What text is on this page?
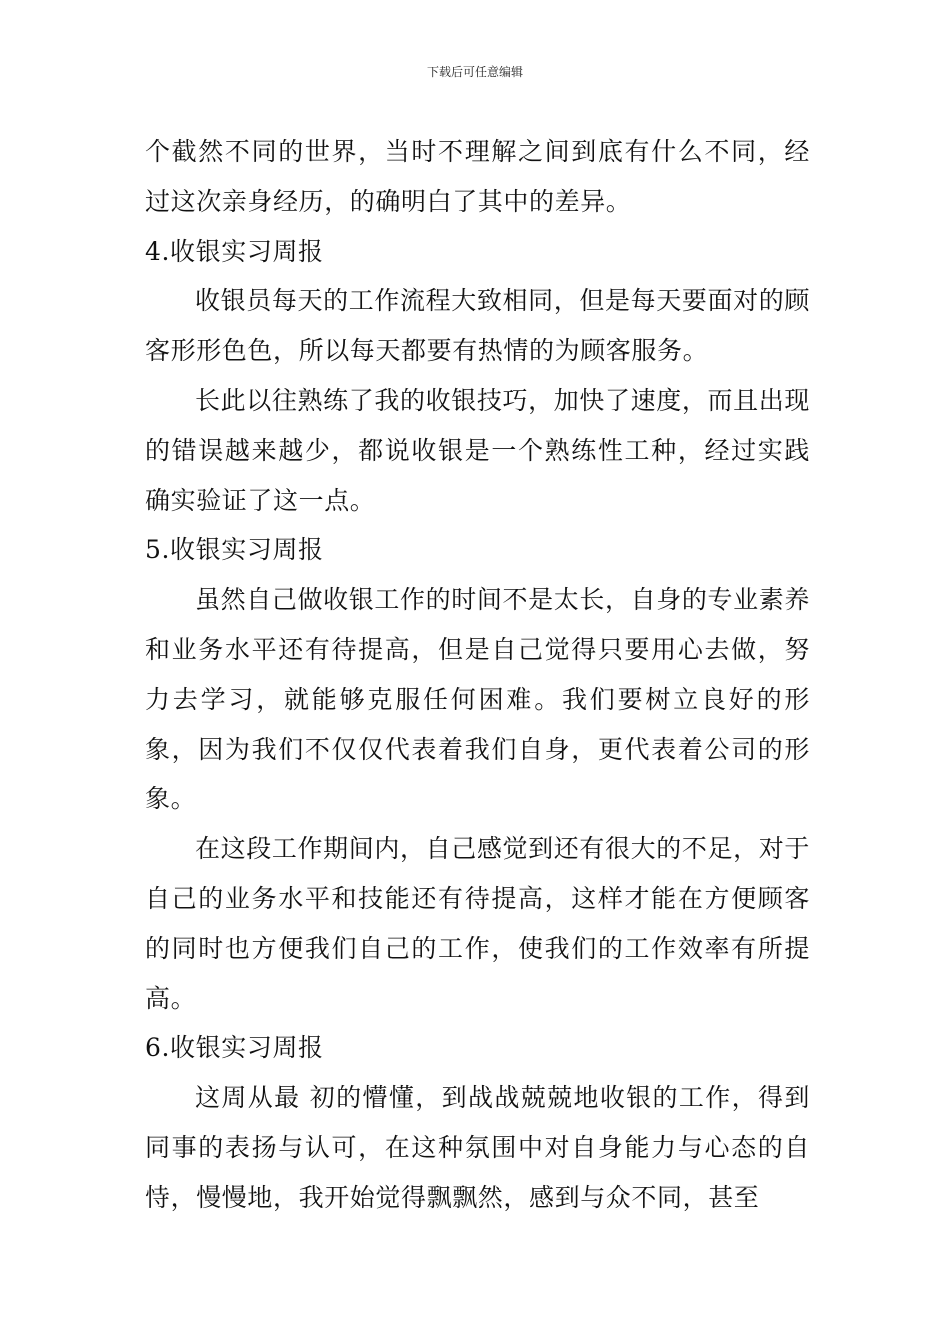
下载后可任意编辑

个截然不同的世界，当时不理解之间到底有什么不同，经过这次亲身经历，的确明白了其中的差异。

4.收银实习周报

收银员每天的工作流程大致相同，但是每天要面对的顾客形形色色，所以每天都要有热情的为顾客服务。

长此以往熟练了我的收银技巧，加快了速度，而且出现的错误越来越少，都说收银是一个熟练性工种，经过实践确实验证了这一点。

5.收银实习周报

虽然自己做收银工作的时间不是太长，自身的专业素养和业务水平还有待提高，但是自己觉得只要用心去做，努力去学习，就能够克服任何困难。我们要树立良好的形象，因为我们不仅仅代表着我们自身，更代表着公司的形象。

在这段工作期间内，自己感觉到还有很大的不足，对于自己的业务水平和技能还有待提高，这样才能在方便顾客的同时也方便我们自己的工作，使我们的工作效率有所提高。

6.收银实习周报

这周从最 初的懵懂，到战战兢兢地收银的工作，得到同事的表扬与认可，在这种氛围中对自身能力与心态的自恃，慢慢地，我开始觉得飘飘然，感到与众不同，甚至
